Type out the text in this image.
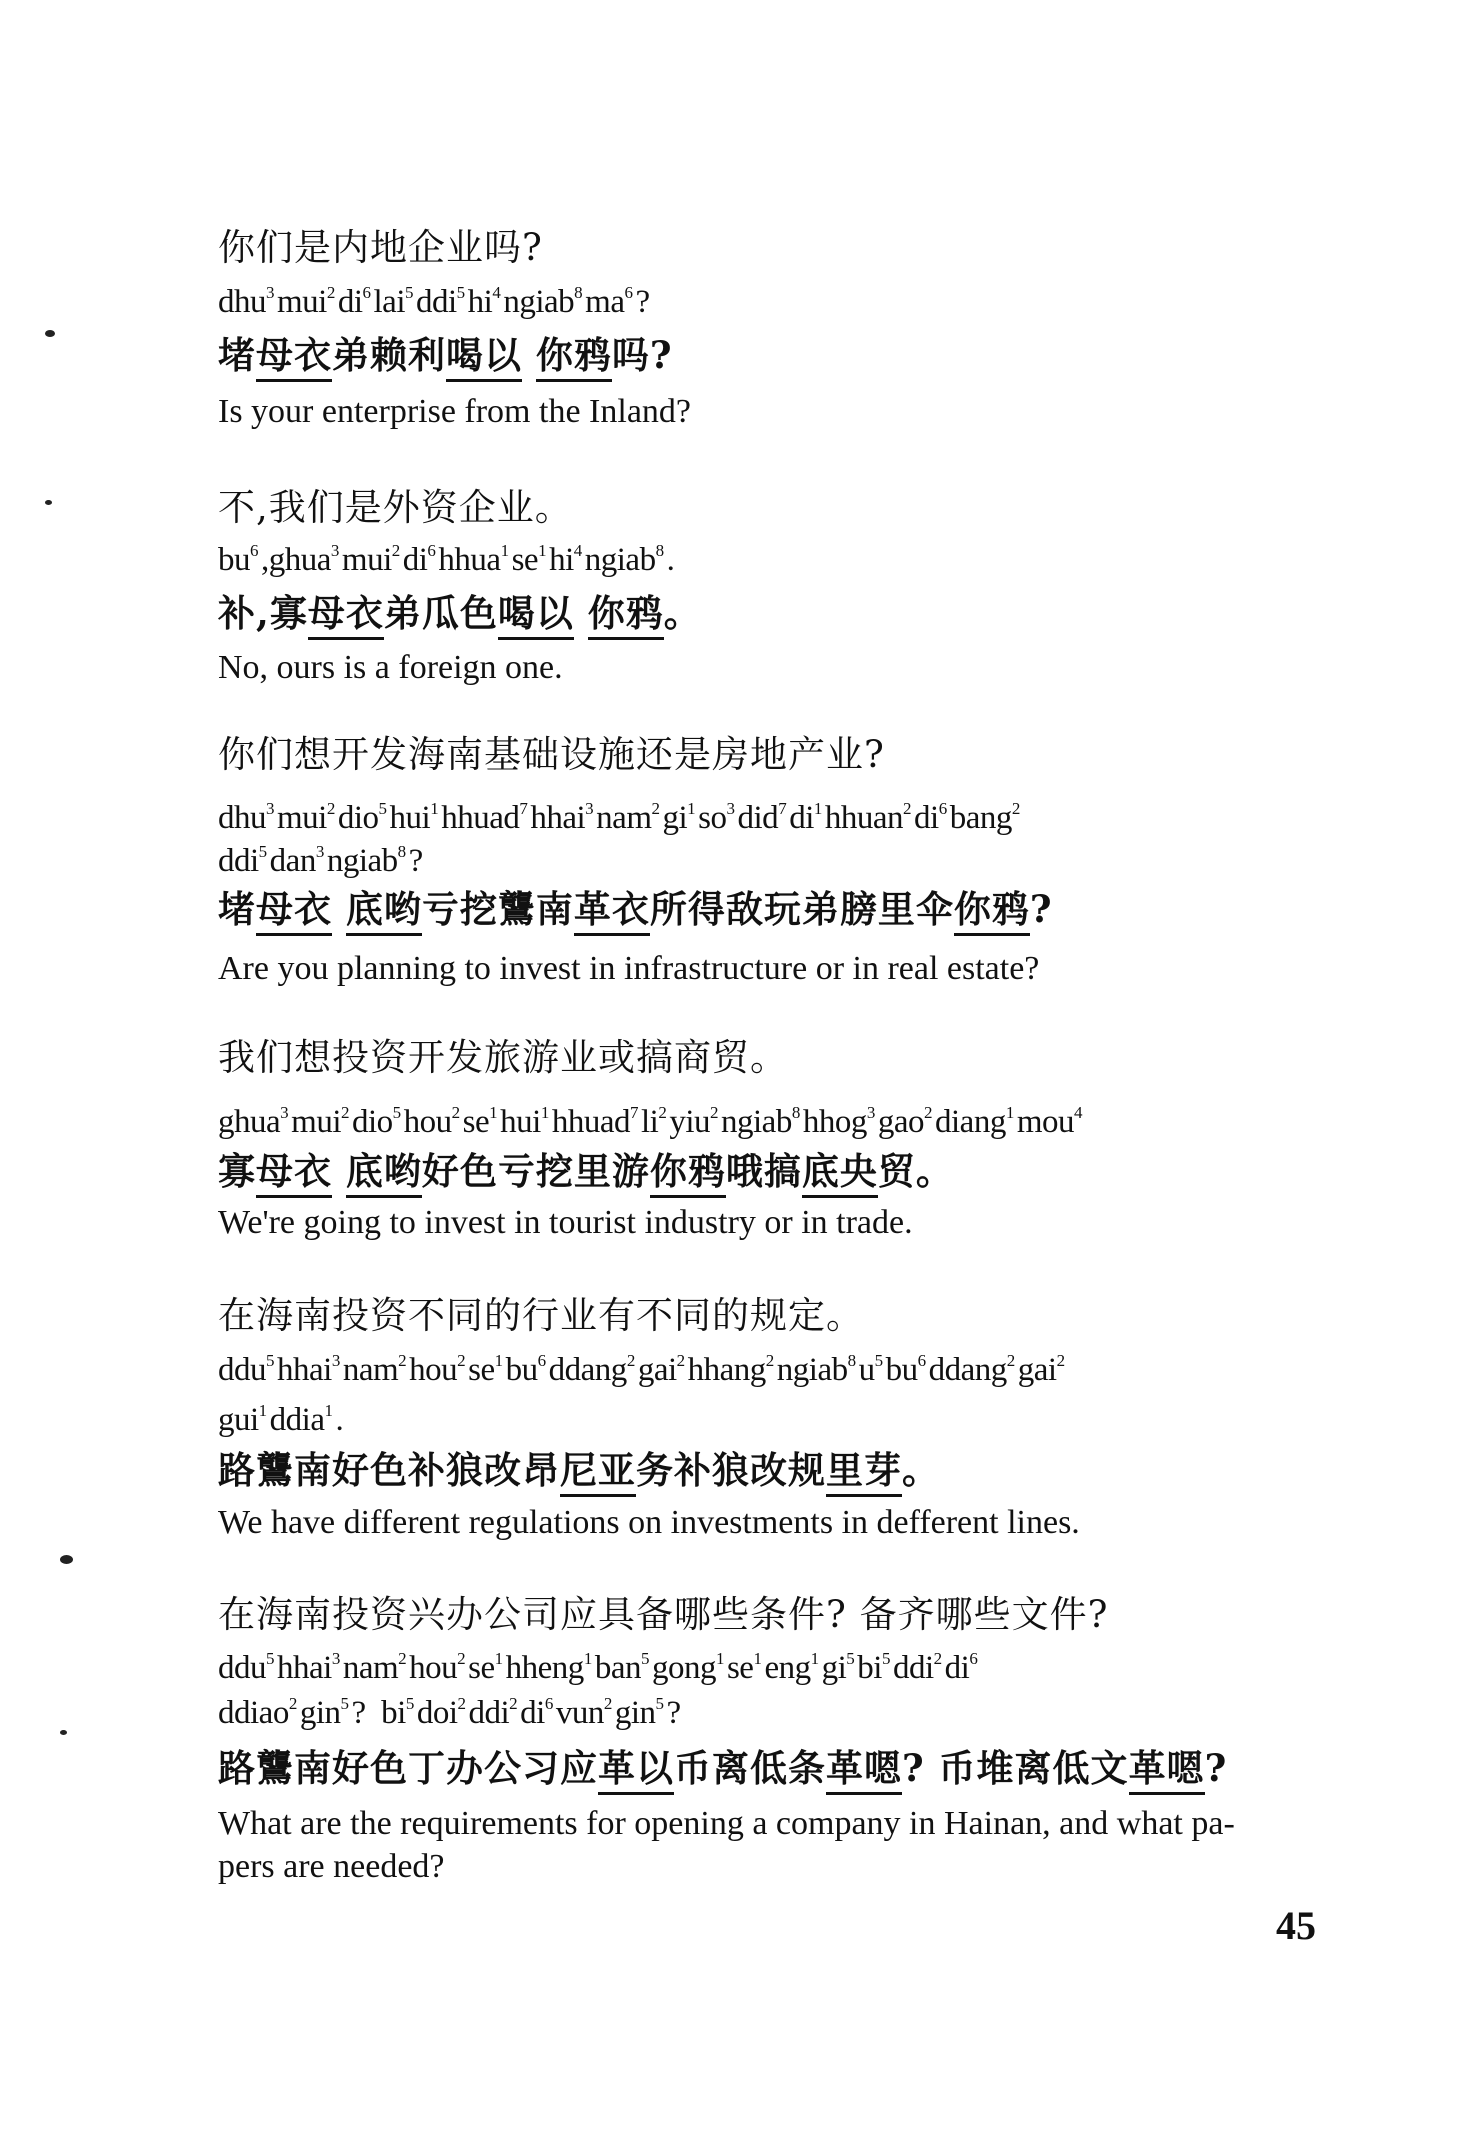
45
你们是内地企业吗?
$dhu^3mui^2di^6lai^5ddi^5hi^4ngiab^8ma^6$?
堵母衣弟赖利喝以 你鸦吗?
Is your enterprise from the Inland?
不,我们是外资企业。
$bu^6,ghua^3mui^2di^6hhua^1se^1hi^4ngiab^8$.
补,寡母衣弟瓜色喝以 你鸦。
No, ours is a foreign one.
你们想开发海南基础设施还是房地产业?
$dhu^3mui^2dio^5hui^1hhuad^7hhai^3nam^2gi^1so^3did^7di^1hhuan^2di^6bang^2$
ddi$^5$dan$^3$ngiab$^8$?
堵母衣 底哟亏挖鸗南革衣所得敌玩弟膀里伞你鸦?
Are you planning to invest in infrastructure or in real estate?
我们想投资开发旅游业或搞商贸。
$ghua^3mui^2dio^5hou^2se^1hui^1hhuad^7li^2yiu^2ngiab^8hhog^3gao^2diang^1mou^4$
寡母衣 底哟好色亏挖里游你鸦哦搞底央贸。
We're going to invest in tourist industry or in trade.
在海南投资不同的行业有不同的规定。
$ddu^5hhai^3nam^2hou^2se^1bu^6ddang^2gai^2hhang^2ngiab^8u^5bu^6ddang^2gai^2$
gui$^1$ddia$^1$.
路鸗南好色补狼改昂尼亚务补狼改规里芽。
We have different regulations on investments in defferent lines.
在海南投资兴办公司应具备哪些条件? 备齐哪些文件?
$ddu^5hhai^3nam^2hou^2se^1hheng^1ban^5gong^1se^1eng^1gi^5bi^5ddi^2di^6$
ddiao$^2$gin$^5$?  $bi^5doi^2ddi^2di^6vun^2gin^5$?
路鸗南好色丁办公习应革以币离低条革嗯? 币堆离低文革嗯?
What are the requirements for opening a company in Hainan, and what pa-
pers are needed?
